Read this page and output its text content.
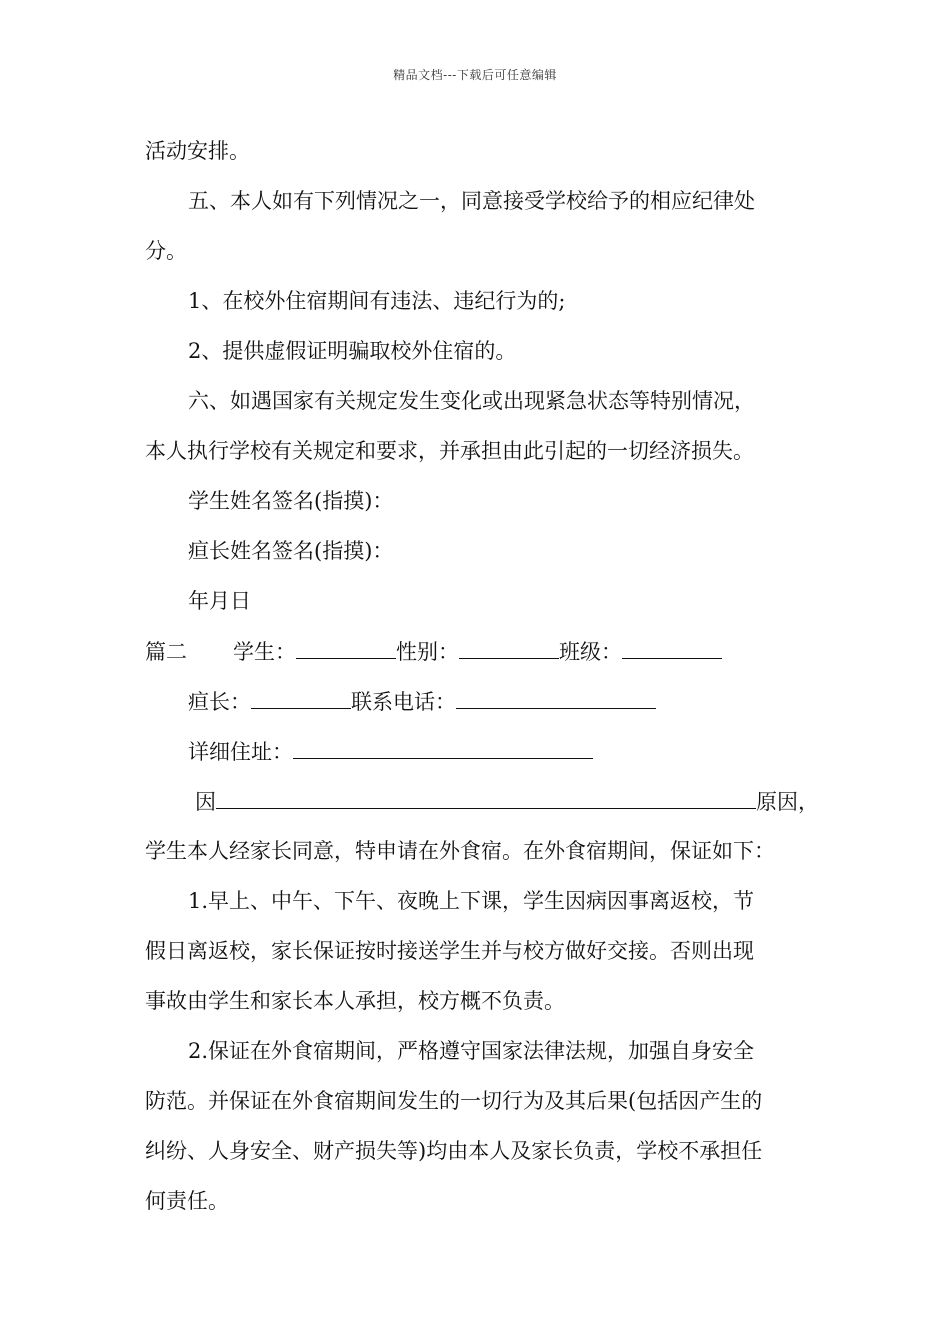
精品文档---下载后可任意编辑
活动安排。
五、本人如有下列情况之一，同意接受学校给予的相应纪律处
分。
1、在校外住宿期间有违法、违纪行为的;
2、提供虚假证明骗取校外住宿的。
六、如遇国家有关规定发生变化或出现紧急状态等特别情况，
本人执行学校有关规定和要求，并承担由此引起的一切经济损失。
学生姓名签名(指摸)：
疸长姓名签名(指摸)：
年月日
篇二 学生：	性别：	班级：
疸长：	联系电话：
详细住址：
因	原因，
学生本人经家长同意，特申请在外食宿。在外食宿期间，保证如下：
1.早上、中午、下午、夜晚上下课，学生因病因事离返校，节
假日离返校，家长保证按时接送学生并与校方做好交接。否则出现
事故由学生和家长本人承担，校方概不负责。
2.保证在外食宿期间，严格遵守国家法律法规，加强自身安全
防范。并保证在外食宿期间发生的一切行为及其后果(包括因产生的
纠纷、人身安全、财产损失等)均由本人及家长负责，学校不承担任
何责任。
